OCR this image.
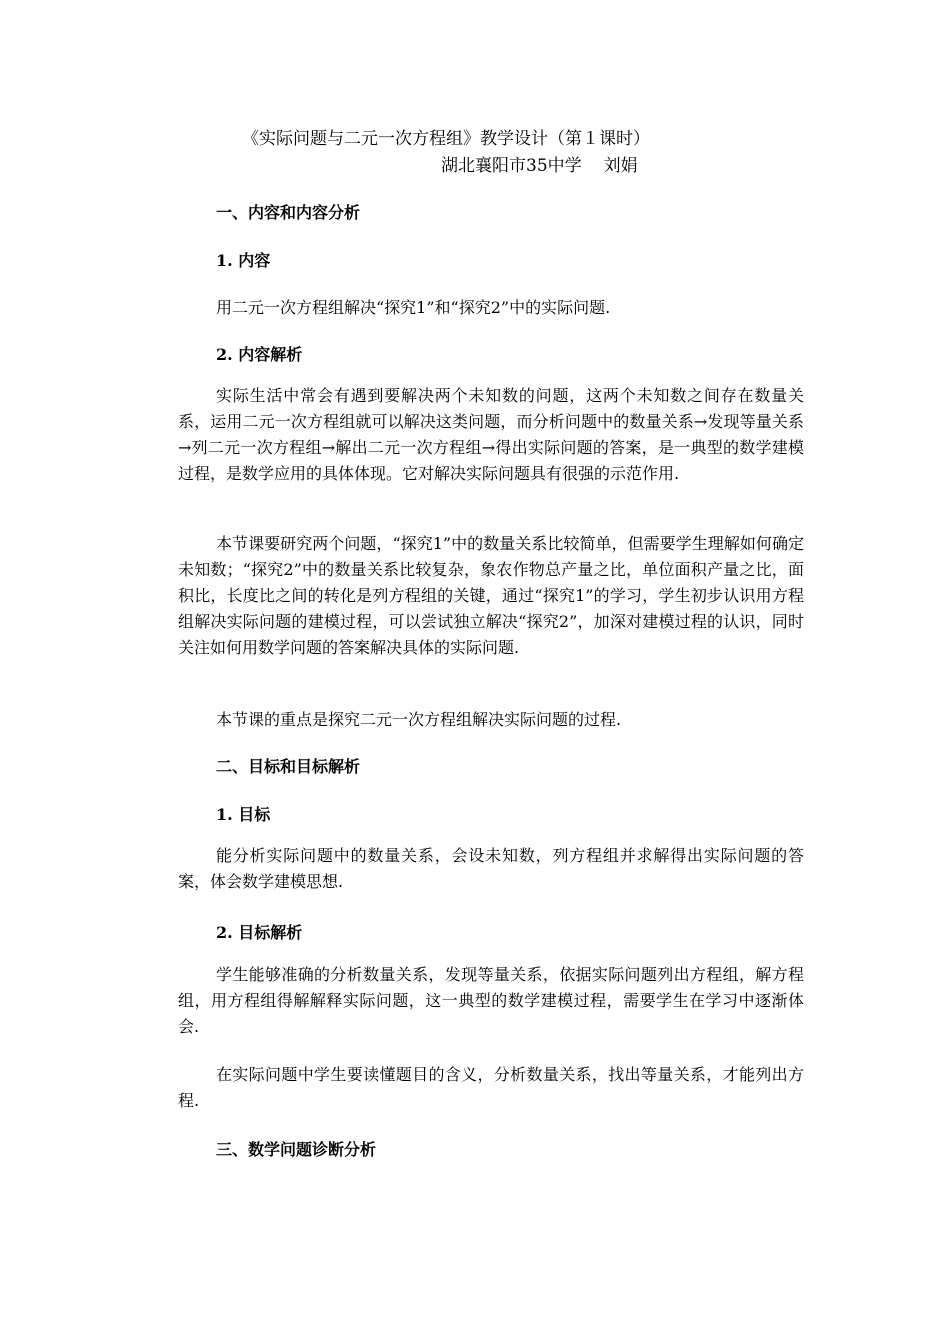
《实际问题与二元一次方程组》教学设计（第１课时）
湖北襄阳市35中学 刘娟
一、内容和内容分析
1. 内容
用二元一次方程组解决“探究1”和“探究2”中的实际问题.
2. 内容解析

实际生活中常会有遇到要解决两个未知数的问题，这两个未知数之间存在数量关系，运用二元一次方程组就可以解决这类问题，而分析问题中的数量关系→发现等量关系→列二元一次方程组→解出二元一次方程组→得出实际问题的答案，是一典型的数学建模过程，是数学应用的具体体现。它对解决实际问题具有很强的示范作用.

本节课要研究两个问题，“探究1”中的数量关系比较简单，但需要学生理解如何确定未知数；“探究2”中的数量关系比较复杂，象农作物总产量之比，单位面积产量之比，面积比，长度比之间的转化是列方程组的关键，通过“探究1”的学习，学生初步认识用方程组解决实际问题的建模过程，可以尝试独立解决“探究2”，加深对建模过程的认识，同时关注如何用数学问题的答案解决具体的实际问题.

本节课的重点是探究二元一次方程组解决实际问题的过程.
二、目标和目标解析
1. 目标

能分析实际问题中的数量关系，会设未知数，列方程组并求解得出实际问题的答案，体会数学建模思想.

2. 目标解析

学生能够准确的分析数量关系，发现等量关系，依据实际问题列出方程组，解方程组，用方程组得解解释实际问题，这一典型的数学建模过程，需要学生在学习中逐渐体会.

在实际问题中学生要读懂题目的含义，分析数量关系，找出等量关系，才能列出方程.

三、数学问题诊断分析
